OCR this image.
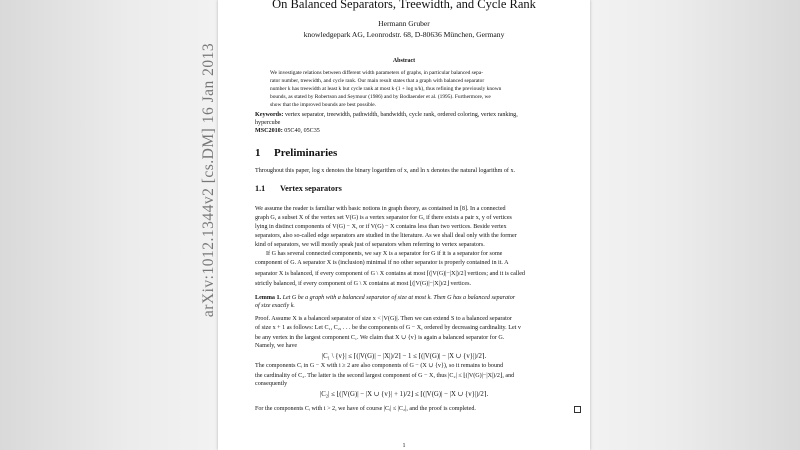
arXiv:1012.1344v2 [cs.DM] 16 Jan 2013
On Balanced Separators, Treewidth, and Cycle Rank
Hermann Gruber
knowledgepark AG, Leonrodstr. 68, D-80636 München, Germany
Abstract
We investigate relations between different width parameters of graphs, in particular balanced sepa-
rator number, treewidth, and cycle rank. Our main result states that a graph with balanced separator
number k has treewidth at least k but cycle rank at most k·(1 + log n/k), thus refining the previously known
bounds, as stated by Robertson and Seymour (1986) and by Bodlaender et al. (1995). Furthermore, we
show that the improved bounds are best possible.
Keywords: vertex separator, treewidth, pathwidth, bandwidth, cycle rank, ordered coloring, vertex ranking,
hypercube
MSC2010: 05C40, 05C35
1 Preliminaries
Throughout this paper, log x denotes the binary logarithm of x, and ln x denotes the natural logarithm of x.
1.1 Vertex separators
We assume the reader is familiar with basic notions in graph theory, as contained in [8]. In a connected
graph G, a subset X of the vertex set V(G) is a vertex separator for G, if there exists a pair x, y of vertices
lying in distinct components of V(G) − X, or if V(G) − X contains less than two vertices. Beside vertex
separators, also so-called edge separators are studied in the literature. As we shall deal only with the former
kind of separators, we will mostly speak just of separators when referring to vertex separators.
If G has several connected components, we say X is a separator for G if it is a separator for some
component of G. A separator X is (inclusion) minimal if no other separator is properly contained in it. A
separator X is balanced, if every component of G \ X contains at most ⌈(|V(G)|−|X|)/2⌉ vertices; and it is called
strictly balanced, if every component of G \ X contains at most ⌊(|V(G)|−|X|)/2⌋ vertices.
Lemma 1. Let G be a graph with a balanced separator of size at most k. Then G has a balanced separator
of size exactly k.
Proof. Assume X is a balanced separator of size x < |V(G)|. Then we can extend S to a balanced separator
of size x + 1 as follows: Let C₁, C₂, . . . be the components of G − X, ordered by decreasing cardinality. Let v
be any vertex in the largest component C₁. We claim that X ∪ {v} is again a balanced separator for G.
Namely, we have
|C₁ \ {v}| ≤ ⌈(|V(G)| − |X|)/2⌉ − 1 ≤ ⌈(|V(G)| − |X ∪ {v}|)/2⌉.
The components Cᵢ in G − X with i ≥ 2 are also components of G − (X ∪ {v}), so it remains to bound
the cardinality of C₂. The latter is the second largest component of G − X, thus |C₂| ≤ ⌊(|V(G)|−|X|)/2⌋, and
consequently
|C₂| ≤ ⌊(|V(G)| − |X ∪ {v}| + 1)/2⌋ ≤ ⌈(|V(G)| − |X ∪ {v}|)/2⌉.
For the components Cᵢ with i > 2, we have of course |Cᵢ| ≤ |C₂|, and the proof is completed.
1
